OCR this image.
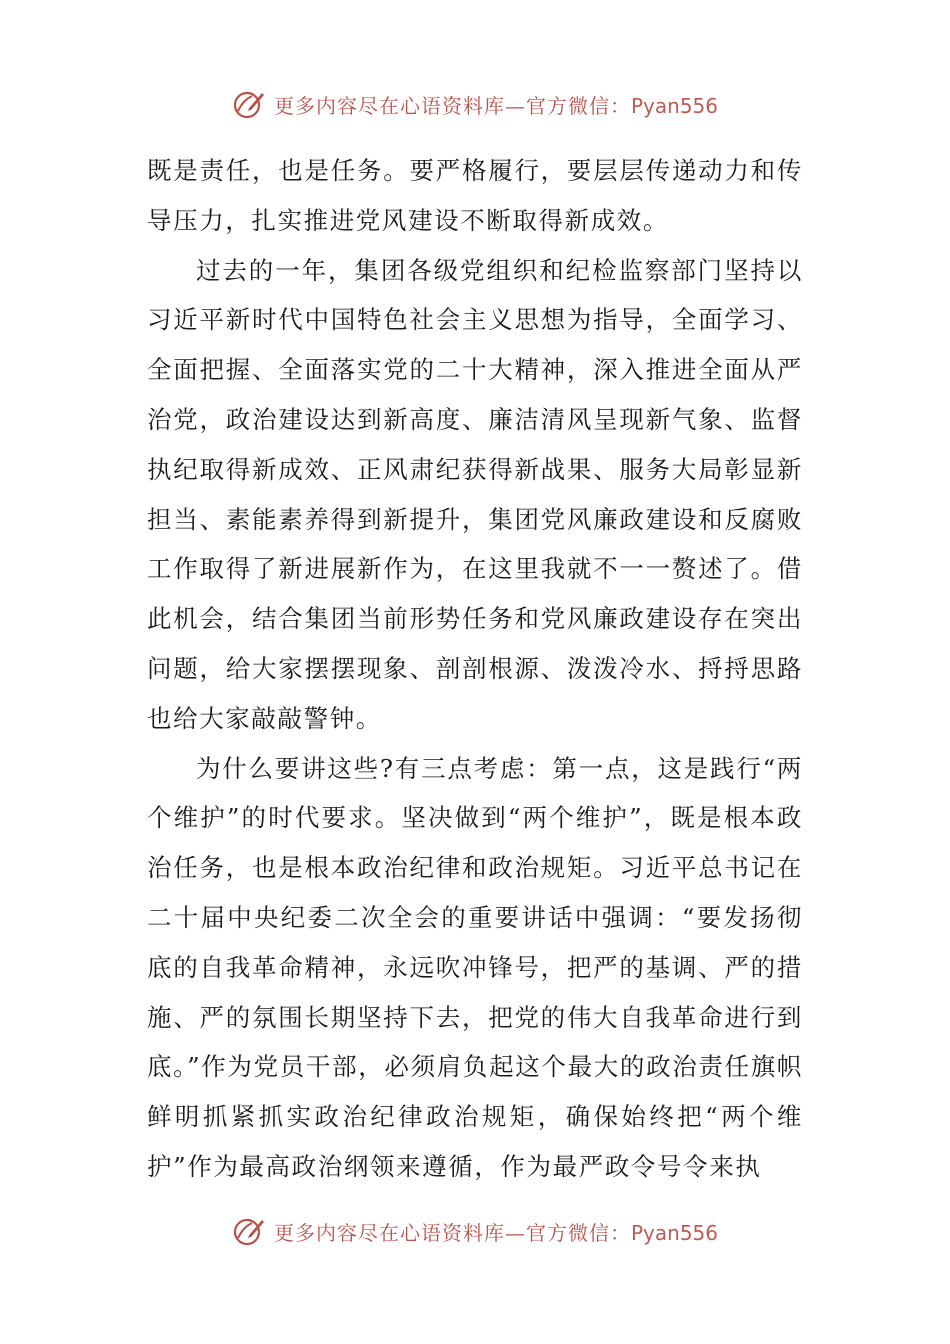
更多内容尽在心语资料库—官方微信：Pyan556

既是责任，也是任务。要严格履行，要层层传递动力和传导压力，扎实推进党风建设不断取得新成效。

过去的一年，集团各级党组织和纪检监察部门坚持以习近平新时代中国特色社会主义思想为指导，全面学习、全面把握、全面落实党的二十大精神，深入推进全面从严治党，政治建设达到新高度、廉洁清风呈现新气象、监督执纪取得新成效、正风肃纪获得新战果、服务大局彰显新担当、素能素养得到新提升，集团党风廉政建设和反腐败工作取得了新进展新作为，在这里我就不一一赘述了。借此机会，结合集团当前形势任务和党风廉政建设存在突出问题，给大家摆摆现象、剖剖根源、泼泼冷水、捋捋思路也给大家敲敲警钟。

为什么要讲这些?有三点考虑：第一点，这是践行“两个维护”的时代要求。坚决做到“两个维护”，既是根本政治任务，也是根本政治纪律和政治规矩。习近平总书记在二十届中央纪委二次全会的重要讲话中强调：“要发扬彻底的自我革命精神，永远吹冲锋号，把严的基调、严的措施、严的氛围长期坚持下去，把党的伟大自我革命进行到底。”作为党员干部，必须肩负起这个最大的政治责任旗帜鲜明抓紧抓实政治纪律政治规矩，确保始终把“两个维护”作为最高政治纲领来遵循，作为最严政令号令来执

更多内容尽在心语资料库—官方微信：Pyan556
